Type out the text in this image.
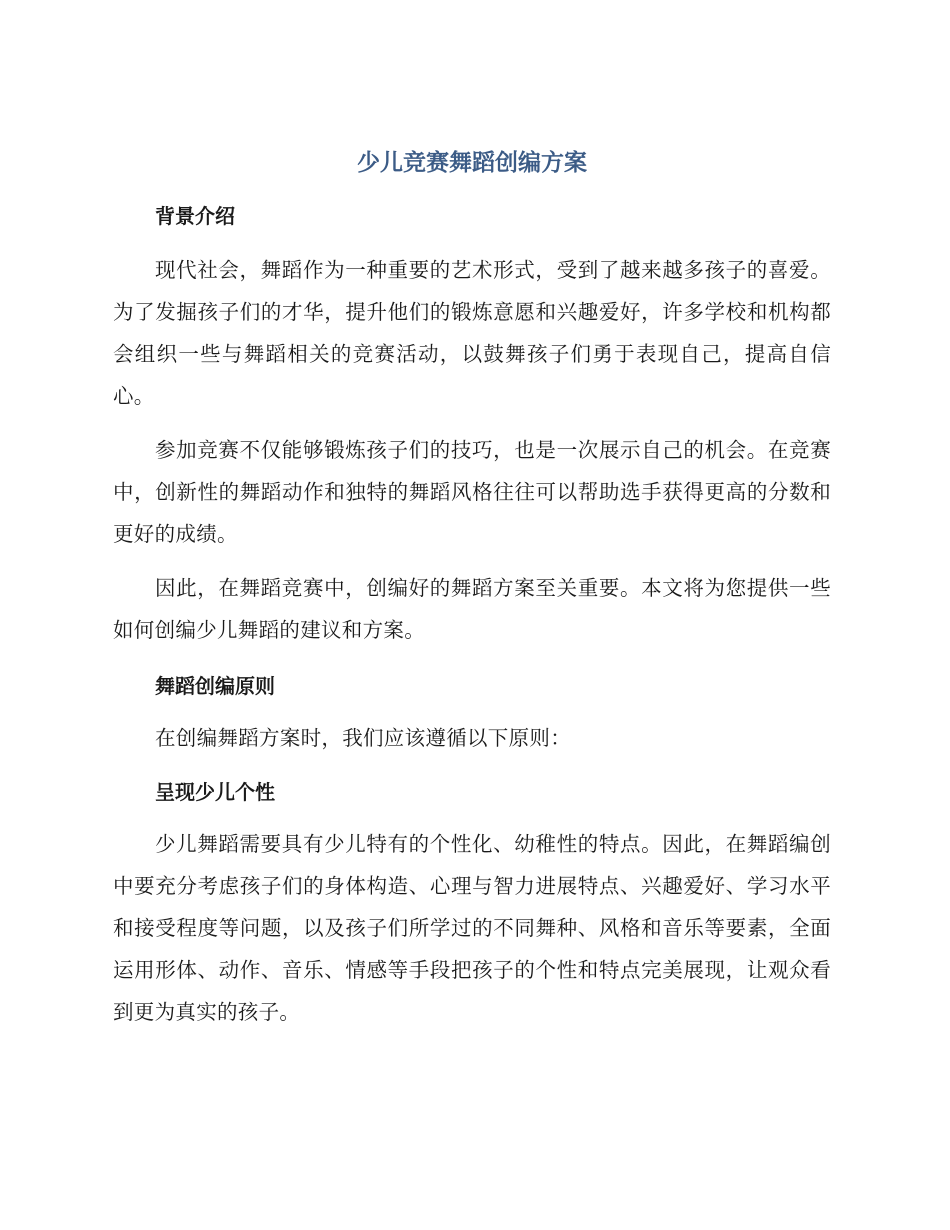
少儿竞赛舞蹈创编方案
背景介绍

现代社会，舞蹈作为一种重要的艺术形式，受到了越来越多孩子的喜爱。为了发掘孩子们的才华，提升他们的锻炼意愿和兴趣爱好，许多学校和机构都会组织一些与舞蹈相关的竞赛活动，以鼓舞孩子们勇于表现自己，提高自信心。

参加竞赛不仅能够锻炼孩子们的技巧，也是一次展示自己的机会。在竞赛中，创新性的舞蹈动作和独特的舞蹈风格往往可以帮助选手获得更高的分数和更好的成绩。

因此，在舞蹈竞赛中，创编好的舞蹈方案至关重要。本文将为您提供一些如何创编少儿舞蹈的建议和方案。

舞蹈创编原则

在创编舞蹈方案时，我们应该遵循以下原则：

呈现少儿个性

少儿舞蹈需要具有少儿特有的个性化、幼稚性的特点。因此，在舞蹈编创中要充分考虑孩子们的身体构造、心理与智力进展特点、兴趣爱好、学习水平和接受程度等问题，以及孩子们所学过的不同舞种、风格和音乐等要素，全面运用形体、动作、音乐、情感等手段把孩子的个性和特点完美展现，让观众看到更为真实的孩子。
